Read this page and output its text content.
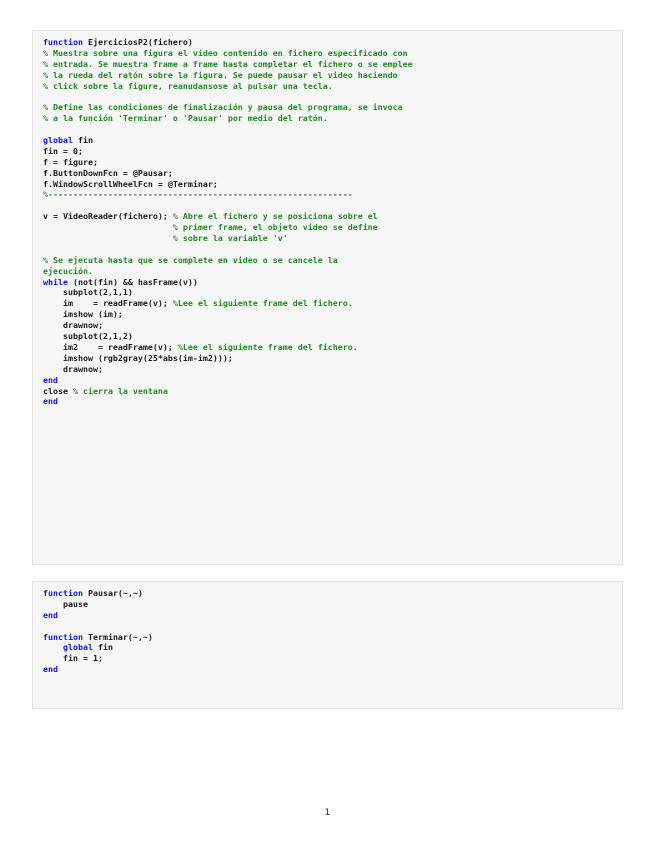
function EjerciciosP2(fichero)
% Muestra sobre una figura el video contenido en fichero especificado con
% entrada. Se muestra frame a frame hasta completar el fichero o se emplee
% la rueda del ratón sobre la figura. Se puede pausar el video haciendo
% click sobre la figure, reanudansose al pulsar una tecla.
% Define las condiciones de finalización y pausa del programa, se invoca
% a la función 'Terminar' o 'Pausar' por medio del ratón.
global fin
fin = 0;
f = figure;
f.ButtonDownFcn = @Pausar;
f.WindowScrollWheelFcn = @Terminar;
%-------------------------------------------------------------
v = VideoReader(fichero); % Abre el fichero y se posiciona sobre el
% primer frame, el objeto video se define
% sobre la variable 'v'
% Se ejecuta hasta que se complete en video o se cancele la
ejecución.
while (not(fin) && hasFrame(v))
subplot(2,1,1)
im    = readFrame(v); %Lee el siguiente frame del fichero.
imshow (im);
drawnow;
subplot(2,1,2)
im2    = readFrame(v); %Lee el siguiente frame del fichero.
imshow (rgb2gray(25*abs(im-im2)));
drawnow;
end
close % cierra la ventana
end
function Pausar(~,~)
pause
end
function Terminar(~,~)
global fin
fin = 1;
end
1
